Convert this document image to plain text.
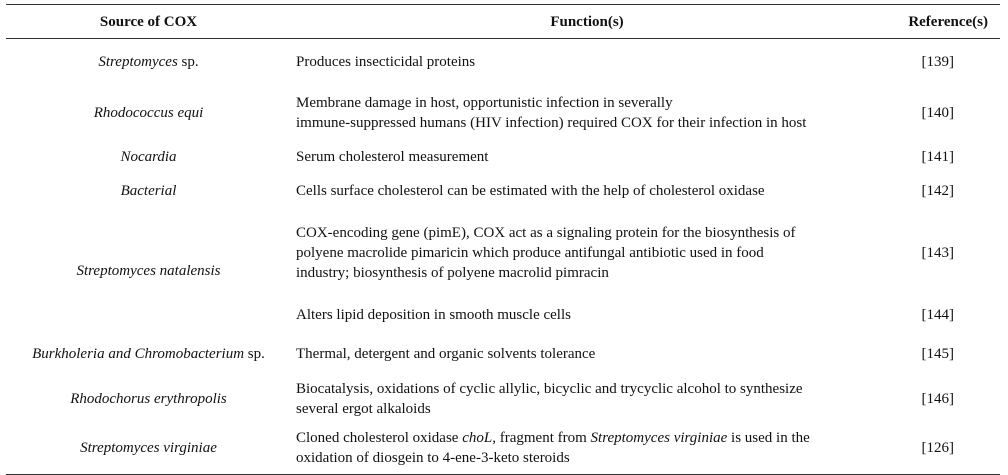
Source of COX	Function(s)	Reference(s)
Streptomyces sp.	Produces insecticidal proteins	[139]
Rhodococcus equi	Membrane damage in host, opportunistic infection in severally
immune-suppressed humans (HIV infection) required COX for their infection in host	[140]
Nocardia	Serum cholesterol measurement	[141]
Bacterial	Cells surface cholesterol can be estimated with the help of cholesterol oxidase	[142]
Streptomyces natalensis	COX-encoding gene (pimE), COX act as a signaling protein for the biosynthesis of
polyene macrolide pimaricin which produce antifungal antibiotic used in food
industry; biosynthesis of polyene macrolid pimracin	[143]
	Alters lipid deposition in smooth muscle cells	[144]
Burkholeria and Chromobacterium sp.	Thermal, detergent and organic solvents tolerance	[145]
Rhodochorus erythropolis	Biocatalysis, oxidations of cyclic allylic, bicyclic and trycyclic alcohol to synthesize
several ergot alkaloids	[146]
Streptomyces virginiae	Cloned cholesterol oxidase choL, fragment from Streptomyces virginiae is used in the
oxidation of diosgein to 4-ene-3-keto steroids	[126]
